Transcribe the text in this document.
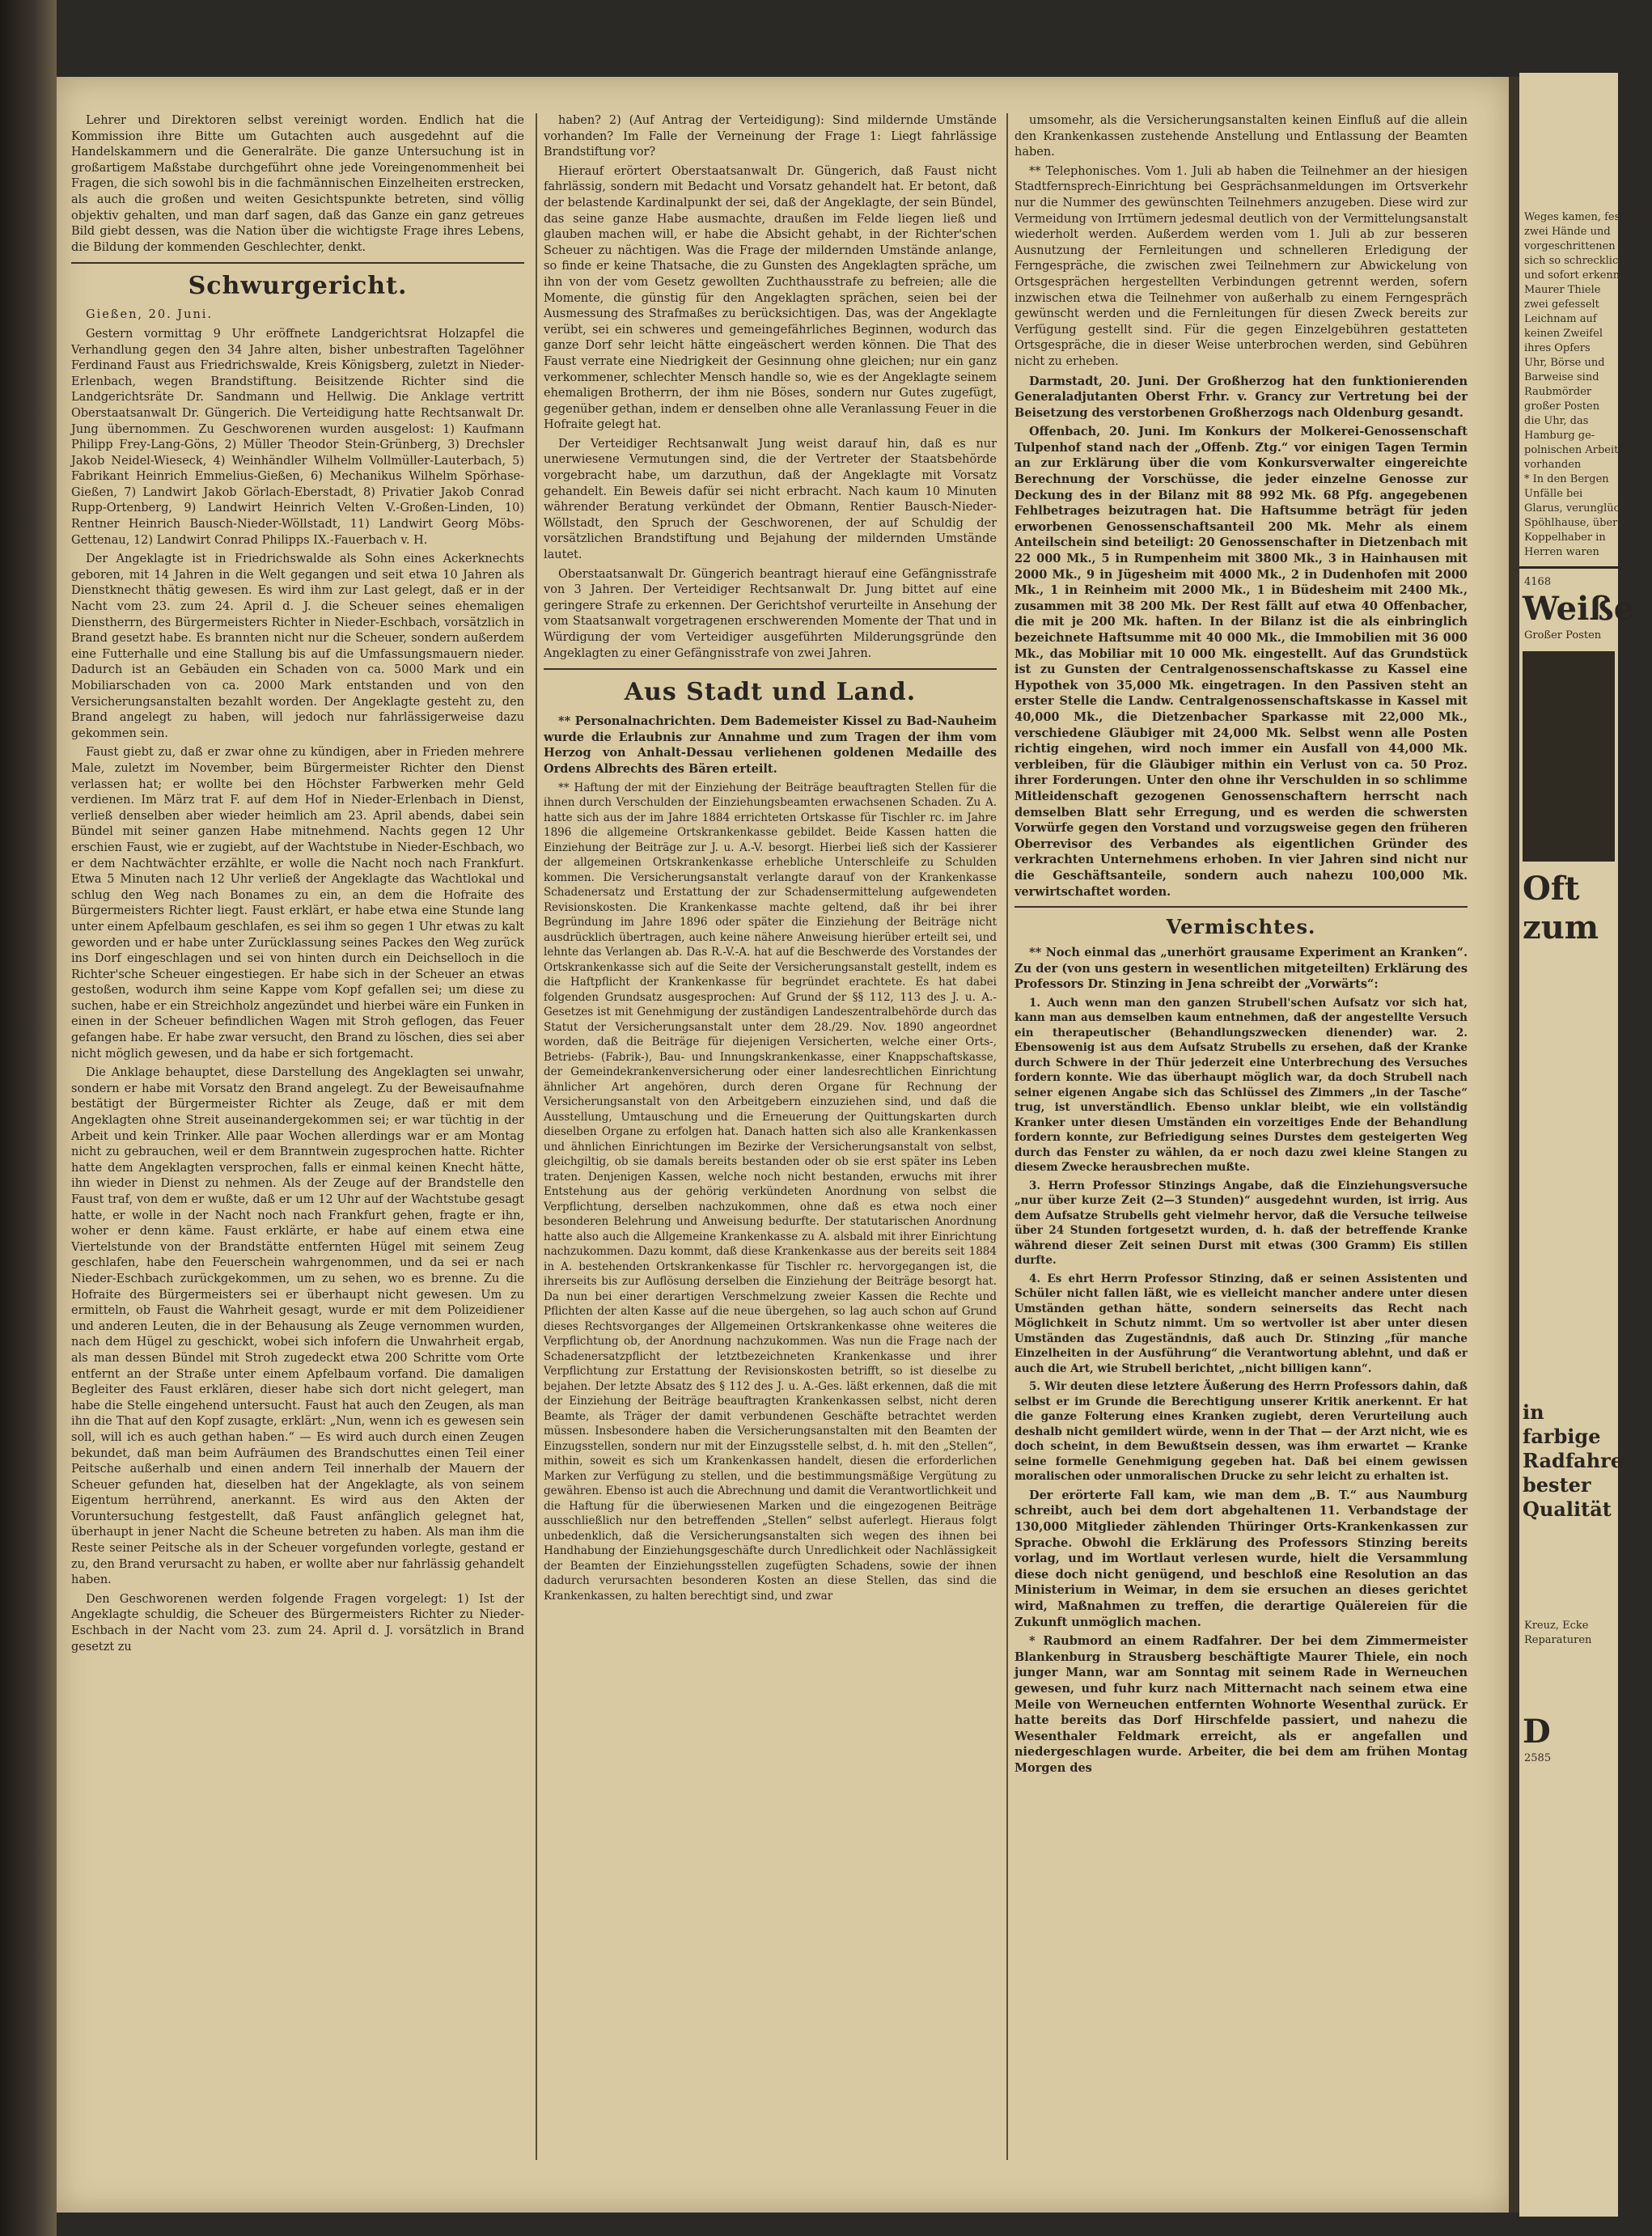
Weges kamen, fesselten
zwei Hände und
vorgeschrittenen
sich so schrecklich
und sofort erkennen
Maurer Thiele
zwei gefesselt
Leichnam auf
keinen Zweifel
ihres Opfers
Uhr, Börse und
Barweise sind
Raubmörder
großer Posten
die Uhr, das
Hamburg ge-
polnischen Arbeiter
vorhanden
* In den Bergen
Unfälle bei
Glarus, verunglückte
Spöhlhause, über
Koppelhaber in
Herren waren
4168
Weiße
Großer Posten
Oft
zum
in farbige
Radfahre
bester Qualität
Kreuz, Ecke
Reparaturen
D
2585

Lehrer und Direktoren selbst vereinigt worden. Endlich hat die Kommission ihre Bitte um Gutachten auch ausgedehnt auf die Handelskammern und die Generalräte. Die ganze Untersuchung ist in großartigem Maßstabe durchgeführt ohne jede Voreingenommenheit bei Fragen, die sich sowohl bis in die fachmännischen Einzelheiten erstrecken, als auch die großen und weiten Gesichtspunkte betreten, sind völlig objektiv gehalten, und man darf sagen, daß das Ganze ein ganz getreues Bild giebt dessen, was die Nation über die wichtigste Frage ihres Lebens, die Bildung der kommenden Geschlechter, denkt.

Schwurgericht.

Gießen, 20. Juni.

Gestern vormittag 9 Uhr eröffnete Landgerichtsrat Holzapfel die Verhandlung gegen den 34 Jahre alten, bisher unbestraften Tagelöhner Ferdinand Faust aus Friedrichswalde, Kreis Königsberg, zuletzt in Nieder-Erlenbach, wegen Brandstiftung. Beisitzende Richter sind die Landgerichtsräte Dr. Sandmann und Hellwig. Die Anklage vertritt Oberstaatsanwalt Dr. Güngerich. Die Verteidigung hatte Rechtsanwalt Dr. Jung übernommen. Zu Geschworenen wurden ausgelost: 1) Kaufmann Philipp Frey-Lang-Göns, 2) Müller Theodor Stein-Grünberg, 3) Drechsler Jakob Neidel-Wieseck, 4) Weinhändler Wilhelm Vollmüller-Lauterbach, 5) Fabrikant Heinrich Emmelius-Gießen, 6) Mechanikus Wilhelm Spörhase-Gießen, 7) Landwirt Jakob Görlach-Eberstadt, 8) Privatier Jakob Conrad Rupp-Ortenberg, 9) Landwirt Heinrich Velten V.-Großen-Linden, 10) Rentner Heinrich Bausch-Nieder-Wöllstadt, 11) Landwirt Georg Möbs-Gettenau, 12) Landwirt Conrad Philipps IX.-Fauerbach v. H.

Der Angeklagte ist in Friedrichswalde als Sohn eines Ackerknechts geboren, mit 14 Jahren in die Welt gegangen und seit etwa 10 Jahren als Dienstknecht thätig gewesen. Es wird ihm zur Last gelegt, daß er in der Nacht vom 23. zum 24. April d. J. die Scheuer seines ehemaligen Dienstherrn, des Bürgermeisters Richter in Nieder-Eschbach, vorsätzlich in Brand gesetzt habe. Es brannten nicht nur die Scheuer, sondern außerdem eine Futterhalle und eine Stallung bis auf die Umfassungsmauern nieder. Dadurch ist an Gebäuden ein Schaden von ca. 5000 Mark und ein Mobiliarschaden von ca. 2000 Mark entstanden und von den Versicherungsanstalten bezahlt worden. Der Angeklagte gesteht zu, den Brand angelegt zu haben, will jedoch nur fahrlässigerweise dazu gekommen sein.

Faust giebt zu, daß er zwar ohne zu kündigen, aber in Frieden mehrere Male, zuletzt im November, beim Bürgermeister Richter den Dienst verlassen hat; er wollte bei den Höchster Farbwerken mehr Geld verdienen. Im März trat F. auf dem Hof in Nieder-Erlenbach in Dienst, verließ denselben aber wieder heimlich am 23. April abends, dabei sein Bündel mit seiner ganzen Habe mitnehmend. Nachts gegen 12 Uhr erschien Faust, wie er zugiebt, auf der Wachtstube in Nieder-Eschbach, wo er dem Nachtwächter erzählte, er wolle die Nacht noch nach Frankfurt. Etwa 5 Minuten nach 12 Uhr verließ der Angeklagte das Wachtlokal und schlug den Weg nach Bonames zu ein, an dem die Hofraite des Bürgermeisters Richter liegt. Faust erklärt, er habe etwa eine Stunde lang unter einem Apfelbaum geschlafen, es sei ihm so gegen 1 Uhr etwas zu kalt geworden und er habe unter Zurücklassung seines Packes den Weg zurück ins Dorf eingeschlagen und sei von hinten durch ein Deichselloch in die Richter'sche Scheuer eingestiegen. Er habe sich in der Scheuer an etwas gestoßen, wodurch ihm seine Kappe vom Kopf gefallen sei; um diese zu suchen, habe er ein Streichholz angezündet und hierbei wäre ein Funken in einen in der Scheuer befindlichen Wagen mit Stroh geflogen, das Feuer gefangen habe. Er habe zwar versucht, den Brand zu löschen, dies sei aber nicht möglich gewesen, und da habe er sich fortgemacht.

Die Anklage behauptet, diese Darstellung des Angeklagten sei unwahr, sondern er habe mit Vorsatz den Brand angelegt. Zu der Beweisaufnahme bestätigt der Bürgermeister Richter als Zeuge, daß er mit dem Angeklagten ohne Streit auseinandergekommen sei; er war tüchtig in der Arbeit und kein Trinker. Alle paar Wochen allerdings war er am Montag nicht zu gebrauchen, weil er dem Branntwein zugesprochen hatte. Richter hatte dem Angeklagten versprochen, falls er einmal keinen Knecht hätte, ihn wieder in Dienst zu nehmen. Als der Zeuge auf der Brandstelle den Faust traf, von dem er wußte, daß er um 12 Uhr auf der Wachtstube gesagt hatte, er wolle in der Nacht noch nach Frankfurt gehen, fragte er ihn, woher er denn käme. Faust erklärte, er habe auf einem etwa eine Viertelstunde von der Brandstätte entfernten Hügel mit seinem Zeug geschlafen, habe den Feuerschein wahrgenommen, und da sei er nach Nieder-Eschbach zurückgekommen, um zu sehen, wo es brenne. Zu die Hofraite des Bürgermeisters sei er überhaupt nicht gewesen. Um zu ermitteln, ob Faust die Wahrheit gesagt, wurde er mit dem Polizeidiener und anderen Leuten, die in der Behausung als Zeuge vernommen wurden, nach dem Hügel zu geschickt, wobei sich infofern die Unwahrheit ergab, als man dessen Bündel mit Stroh zugedeckt etwa 200 Schritte vom Orte entfernt an der Straße unter einem Apfelbaum vorfand. Die damaligen Begleiter des Faust erklären, dieser habe sich dort nicht gelegert, man habe die Stelle eingehend untersucht. Faust hat auch den Zeugen, als man ihn die That auf den Kopf zusagte, erklärt: „Nun, wenn ich es gewesen sein soll, will ich es auch gethan haben.“ — Es wird auch durch einen Zeugen bekundet, daß man beim Aufräumen des Brandschuttes einen Teil einer Peitsche außerhalb und einen andern Teil innerhalb der Mauern der Scheuer gefunden hat, dieselben hat der Angeklagte, als von seinem Eigentum herrührend, anerkannt. Es wird aus den Akten der Voruntersuchung festgestellt, daß Faust anfänglich gelegnet hat, überhaupt in jener Nacht die Scheune betreten zu haben. Als man ihm die Reste seiner Peitsche als in der Scheuer vorgefunden vorlegte, gestand er zu, den Brand verursacht zu haben, er wollte aber nur fahrlässig gehandelt haben.

Den Geschworenen werden folgende Fragen vorgelegt: 1) Ist der Angeklagte schuldig, die Scheuer des Bürgermeisters Richter zu Nieder-Eschbach in der Nacht vom 23. zum 24. April d. J. vorsätzlich in Brand gesetzt zu

haben? 2) (Auf Antrag der Verteidigung): Sind mildernde Umstände vorhanden? Im Falle der Verneinung der Frage 1: Liegt fahrlässige Brandstiftung vor?

Hierauf erörtert Oberstaatsanwalt Dr. Güngerich, daß Faust nicht fahrlässig, sondern mit Bedacht und Vorsatz gehandelt hat. Er betont, daß der belastende Kardinalpunkt der sei, daß der Angeklagte, der sein Bündel, das seine ganze Habe ausmachte, draußen im Felde liegen ließ und glauben machen will, er habe die Absicht gehabt, in der Richter'schen Scheuer zu nächtigen. Was die Frage der mildernden Umstände anlange, so finde er keine Thatsache, die zu Gunsten des Angeklagten spräche, um ihn von der vom Gesetz gewollten Zuchthausstrafe zu befreien; alle die Momente, die günstig für den Angeklagten sprächen, seien bei der Ausmessung des Strafmaßes zu berücksichtigen. Das, was der Angeklagte verübt, sei ein schweres und gemeingefährliches Beginnen, wodurch das ganze Dorf sehr leicht hätte eingeäschert werden können. Die That des Faust verrate eine Niedrigkeit der Gesinnung ohne gleichen; nur ein ganz verkommener, schlechter Mensch handle so, wie es der Angeklagte seinem ehemaligen Brotherrn, der ihm nie Böses, sondern nur Gutes zugefügt, gegenüber gethan, indem er denselben ohne alle Veranlassung Feuer in die Hofraite gelegt hat.

Der Verteidiger Rechtsanwalt Jung weist darauf hin, daß es nur unerwiesene Vermutungen sind, die der Vertreter der Staatsbehörde vorgebracht habe, um darzuthun, daß der Angeklagte mit Vorsatz gehandelt. Ein Beweis dafür sei nicht erbracht. Nach kaum 10 Minuten währender Beratung verkündet der Obmann, Rentier Bausch-Nieder-Wöllstadt, den Spruch der Geschworenen, der auf Schuldig der vorsätzlichen Brandstiftung und Bejahung der mildernden Umstände lautet.

Oberstaatsanwalt Dr. Güngerich beantragt hierauf eine Gefängnisstrafe von 3 Jahren. Der Verteidiger Rechtsanwalt Dr. Jung bittet auf eine geringere Strafe zu erkennen. Der Gerichtshof verurteilte in Ansehung der vom Staatsanwalt vorgetragenen erschwerenden Momente der That und in Würdigung der vom Verteidiger ausgeführten Milderungsgründe den Angeklagten zu einer Gefängnisstrafe von zwei Jahren.

Aus Stadt und Land.

** Personalnachrichten. Dem Bademeister Kissel zu Bad-Nauheim wurde die Erlaubnis zur Annahme und zum Tragen der ihm vom Herzog von Anhalt-Dessau verliehenen goldenen Medaille des Ordens Albrechts des Bären erteilt.

** Haftung der mit der Einziehung der Beiträge beauftragten Stellen für die ihnen durch Verschulden der Einziehungsbeamten erwachsenen Schaden. Zu A. hatte sich aus der im Jahre 1884 errichteten Ortskasse für Tischler rc. im Jahre 1896 die allgemeine Ortskrankenkasse gebildet. Beide Kassen hatten die Einziehung der Beiträge zur J. u. A.-V. besorgt. Hierbei ließ sich der Kassierer der allgemeinen Ortskrankenkasse erhebliche Unterschleife zu Schulden kommen. Die Versicherungsanstalt verlangte darauf von der Krankenkasse Schadenersatz und Erstattung der zur Schadensermittelung aufgewendeten Revisionskosten. Die Krankenkasse machte geltend, daß ihr bei ihrer Begründung im Jahre 1896 oder später die Einziehung der Beiträge nicht ausdrücklich übertragen, auch keine nähere Anweisung hierüber erteilt sei, und lehnte das Verlangen ab. Das R.-V.-A. hat auf die Beschwerde des Vorstandes der Ortskrankenkasse sich auf die Seite der Versicherungsanstalt gestellt, indem es die Haftpflicht der Krankenkasse für begründet erachtete. Es hat dabei folgenden Grundsatz ausgesprochen: Auf Grund der §§ 112, 113 des J. u. A.-Gesetzes ist mit Genehmigung der zuständigen Landeszentralbehörde durch das Statut der Versicherungsanstalt unter dem 28./29. Nov. 1890 angeordnet worden, daß die Beiträge für diejenigen Versicherten, welche einer Orts-, Betriebs- (Fabrik-), Bau- und Innungskrankenkasse, einer Knappschaftskasse, der Gemeindekrankenversicherung oder einer landesrechtlichen Einrichtung ähnlicher Art angehören, durch deren Organe für Rechnung der Versicherungsanstalt von den Arbeitgebern einzuziehen sind, und daß die Ausstellung, Umtauschung und die Erneuerung der Quittungskarten durch dieselben Organe zu erfolgen hat. Danach hatten sich also alle Krankenkassen und ähnlichen Einrichtungen im Bezirke der Versicherungsanstalt von selbst, gleichgiltig, ob sie damals bereits bestanden oder ob sie erst später ins Leben traten. Denjenigen Kassen, welche noch nicht bestanden, erwuchs mit ihrer Entstehung aus der gehörig verkündeten Anordnung von selbst die Verpflichtung, derselben nachzukommen, ohne daß es etwa noch einer besonderen Belehrung und Anweisung bedurfte. Der statutarischen Anordnung hatte also auch die Allgemeine Krankenkasse zu A. alsbald mit ihrer Einrichtung nachzukommen. Dazu kommt, daß diese Krankenkasse aus der bereits seit 1884 in A. bestehenden Ortskrankenkasse für Tischler rc. hervorgegangen ist, die ihrerseits bis zur Auflösung derselben die Einziehung der Beiträge besorgt hat. Da nun bei einer derartigen Verschmelzung zweier Kassen die Rechte und Pflichten der alten Kasse auf die neue übergehen, so lag auch schon auf Grund dieses Rechtsvorganges der Allgemeinen Ortskrankenkasse ohne weiteres die Verpflichtung ob, der Anordnung nachzukommen. Was nun die Frage nach der Schadenersatzpflicht der letztbezeichneten Krankenkasse und ihrer Verpflichtung zur Erstattung der Revisionskosten betrifft, so ist dieselbe zu bejahen. Der letzte Absatz des § 112 des J. u. A.-Ges. läßt erkennen, daß die mit der Einziehung der Beiträge beauftragten Krankenkassen selbst, nicht deren Beamte, als Träger der damit verbundenen Geschäfte betrachtet werden müssen. Insbesondere haben die Versicherungsanstalten mit den Beamten der Einzugsstellen, sondern nur mit der Einzugsstelle selbst, d. h. mit den „Stellen“, mithin, soweit es sich um Krankenkassen handelt, diesen die erforderlichen Marken zur Verfügung zu stellen, und die bestimmungsmäßige Vergütung zu gewähren. Ebenso ist auch die Abrechnung und damit die Verantwortlichkeit und die Haftung für die überwiesenen Marken und die eingezogenen Beiträge ausschließlich nur den betreffenden „Stellen“ selbst auferlegt. Hieraus folgt unbedenklich, daß die Versicherungsanstalten sich wegen des ihnen bei Handhabung der Einziehungsgeschäfte durch Unredlichkeit oder Nachlässigkeit der Beamten der Einziehungsstellen zugefügten Schadens, sowie der ihnen dadurch verursachten besonderen Kosten an diese Stellen, das sind die Krankenkassen, zu halten berechtigt sind, und zwar

umsomehr, als die Versicherungsanstalten keinen Einfluß auf die allein den Krankenkassen zustehende Anstellung und Entlassung der Beamten haben.

** Telephonisches. Vom 1. Juli ab haben die Teilnehmer an der hiesigen Stadtfernsprech-Einrichtung bei Gesprächsanmeldungen im Ortsverkehr nur die Nummer des gewünschten Teilnehmers anzugeben. Diese wird zur Vermeidung von Irrtümern jedesmal deutlich von der Vermittelungsanstalt wiederholt werden. Außerdem werden vom 1. Juli ab zur besseren Ausnutzung der Fernleitungen und schnelleren Erledigung der Ferngespräche, die zwischen zwei Teilnehmern zur Abwickelung von Ortsgesprächen hergestellten Verbindungen getrennt werden, sofern inzwischen etwa die Teilnehmer von außerhalb zu einem Ferngespräch gewünscht werden und die Fernleitungen für diesen Zweck bereits zur Verfügung gestellt sind. Für die gegen Einzelgebühren gestatteten Ortsgespräche, die in dieser Weise unterbrochen werden, sind Gebühren nicht zu erheben.

Darmstadt, 20. Juni. Der Großherzog hat den funktionierenden Generaladjutanten Oberst Frhr. v. Grancy zur Vertretung bei der Beisetzung des verstorbenen Großherzogs nach Oldenburg gesandt.

Offenbach, 20. Juni. Im Konkurs der Molkerei-Genossenschaft Tulpenhof stand nach der „Offenb. Ztg.“ vor einigen Tagen Termin an zur Erklärung über die vom Konkursverwalter eingereichte Berechnung der Vorschüsse, die jeder einzelne Genosse zur Deckung des in der Bilanz mit 88 992 Mk. 68 Pfg. angegebenen Fehlbetrages beizutragen hat. Die Haftsumme beträgt für jeden erworbenen Genossenschaftsanteil 200 Mk. Mehr als einem Anteilschein sind beteiligt: 20 Genossenschafter in Dietzenbach mit 22 000 Mk., 5 in Rumpenheim mit 3800 Mk., 3 in Hainhausen mit 2000 Mk., 9 in Jügesheim mit 4000 Mk., 2 in Dudenhofen mit 2000 Mk., 1 in Reinheim mit 2000 Mk., 1 in Büdesheim mit 2400 Mk., zusammen mit 38 200 Mk. Der Rest fällt auf etwa 40 Offenbacher, die mit je 200 Mk. haften. In der Bilanz ist die als einbringlich bezeichnete Haftsumme mit 40 000 Mk., die Immobilien mit 36 000 Mk., das Mobiliar mit 10 000 Mk. eingestellt. Auf das Grundstück ist zu Gunsten der Centralgenossenschaftskasse zu Kassel eine Hypothek von 35,000 Mk. eingetragen. In den Passiven steht an erster Stelle die Landw. Centralgenossenschaftskasse in Kassel mit 40,000 Mk., die Dietzenbacher Sparkasse mit 22,000 Mk., verschiedene Gläubiger mit 24,000 Mk. Selbst wenn alle Posten richtig eingehen, wird noch immer ein Ausfall von 44,000 Mk. verbleiben, für die Gläubiger mithin ein Verlust von ca. 50 Proz. ihrer Forderungen. Unter den ohne ihr Verschulden in so schlimme Mitleidenschaft gezogenen Genossenschaftern herrscht nach demselben Blatt sehr Erregung, und es werden die schwersten Vorwürfe gegen den Vorstand und vorzugsweise gegen den früheren Oberrevisor des Verbandes als eigentlichen Gründer des verkrachten Unternehmens erhoben. In vier Jahren sind nicht nur die Geschäftsanteile, sondern auch nahezu 100,000 Mk. verwirtschaftet worden.

Vermischtes.

** Noch einmal das „unerhört grausame Experiment an Kranken“. Zu der (von uns gestern in wesentlichen mitgeteilten) Erklärung des Professors Dr. Stinzing in Jena schreibt der „Vorwärts“:

1. Auch wenn man den ganzen Strubell'schen Aufsatz vor sich hat, kann man aus demselben kaum entnehmen, daß der angestellte Versuch ein therapeutischer (Behandlungszwecken dienender) war. 2. Ebensowenig ist aus dem Aufsatz Strubells zu ersehen, daß der Kranke durch Schwere in der Thür jederzeit eine Unterbrechung des Versuches fordern konnte. Wie das überhaupt möglich war, da doch Strubell nach seiner eigenen Angabe sich das Schlüssel des Zimmers „in der Tasche“ trug, ist unverständlich. Ebenso unklar bleibt, wie ein vollständig Kranker unter diesen Umständen ein vorzeitiges Ende der Behandlung fordern konnte, zur Befriedigung seines Durstes dem gesteigerten Weg durch das Fenster zu wählen, da er noch dazu zwei kleine Stangen zu diesem Zwecke herausbrechen mußte.

3. Herrn Professor Stinzings Angabe, daß die Einziehungsversuche „nur über kurze Zeit (2—3 Stunden)“ ausgedehnt wurden, ist irrig. Aus dem Aufsatze Strubells geht vielmehr hervor, daß die Versuche teilweise über 24 Stunden fortgesetzt wurden, d. h. daß der betreffende Kranke während dieser Zeit seinen Durst mit etwas (300 Gramm) Eis stillen durfte.

4. Es ehrt Herrn Professor Stinzing, daß er seinen Assistenten und Schüler nicht fallen läßt, wie es vielleicht mancher andere unter diesen Umständen gethan hätte, sondern seinerseits das Recht nach Möglichkeit in Schutz nimmt. Um so wertvoller ist aber unter diesen Umständen das Zugeständnis, daß auch Dr. Stinzing „für manche Einzelheiten in der Ausführung“ die Verantwortung ablehnt, und daß er auch die Art, wie Strubell berichtet, „nicht billigen kann“.

5. Wir deuten diese letztere Äußerung des Herrn Professors dahin, daß selbst er im Grunde die Berechtigung unserer Kritik anerkennt. Er hat die ganze Folterung eines Kranken zugiebt, deren Verurteilung auch deshalb nicht gemildert würde, wenn in der That — der Arzt nicht, wie es doch scheint, in dem Bewußtsein dessen, was ihm erwartet — Kranke seine formelle Genehmigung gegeben hat. Daß bei einem gewissen moralischen oder unmoralischen Drucke zu sehr leicht zu erhalten ist.

Der erörterte Fall kam, wie man dem „B. T.“ aus Naumburg schreibt, auch bei dem dort abgehaltenen 11. Verbandstage der 130,000 Mitglieder zählenden Thüringer Orts-Krankenkassen zur Sprache. Obwohl die Erklärung des Professors Stinzing bereits vorlag, und im Wortlaut verlesen wurde, hielt die Versammlung diese doch nicht genügend, und beschloß eine Resolution an das Ministerium in Weimar, in dem sie ersuchen an dieses gerichtet wird, Maßnahmen zu treffen, die derartige Quälereien für die Zukunft unmöglich machen.

* Raubmord an einem Radfahrer. Der bei dem Zimmermeister Blankenburg in Strausberg beschäftigte Maurer Thiele, ein noch junger Mann, war am Sonntag mit seinem Rade in Werneuchen gewesen, und fuhr kurz nach Mitternacht nach seinem etwa eine Meile von Werneuchen entfernten Wohnorte Wesenthal zurück. Er hatte bereits das Dorf Hirschfelde passiert, und nahezu die Wesenthaler Feldmark erreicht, als er angefallen und niedergeschlagen wurde. Arbeiter, die bei dem am frühen Montag Morgen des
